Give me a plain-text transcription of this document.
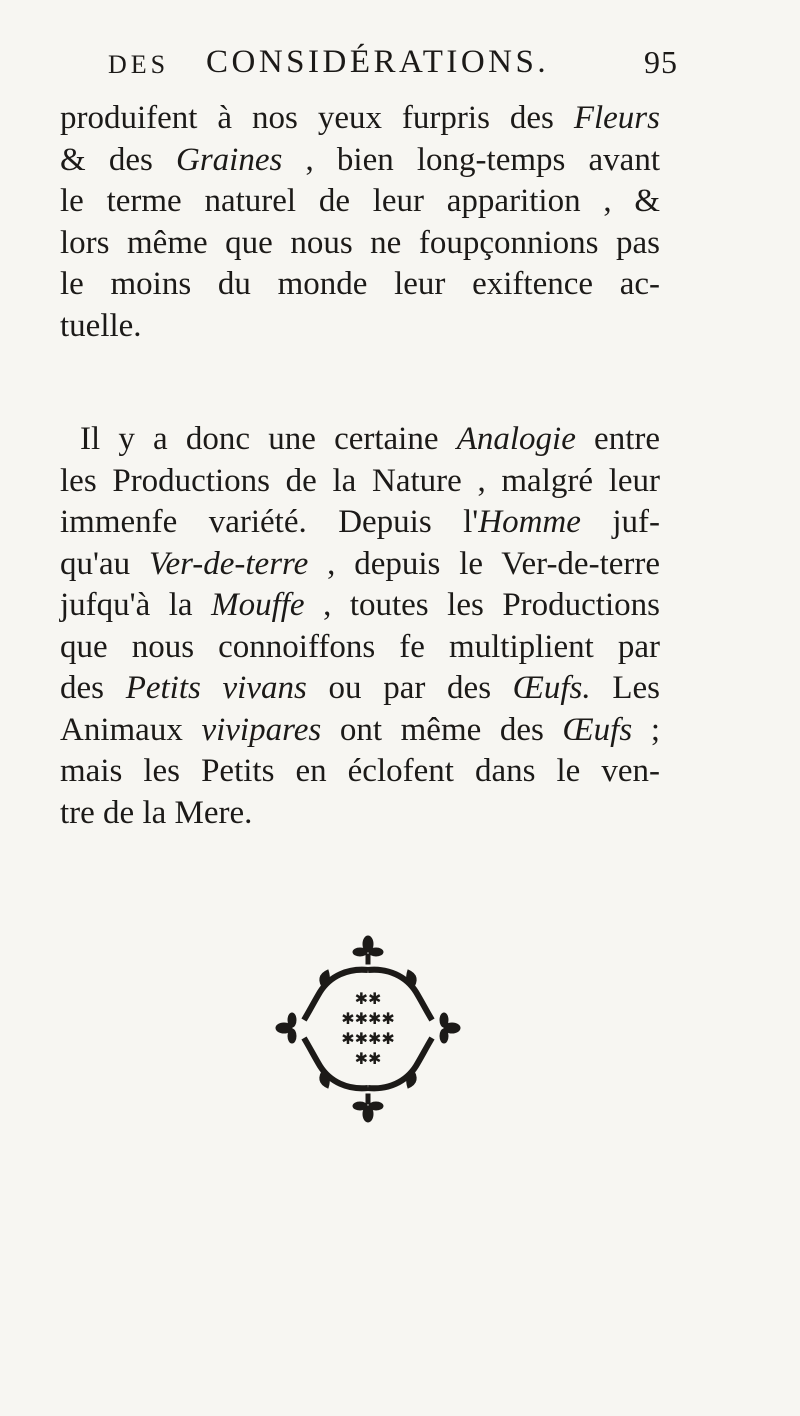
DES CONSIDÉRATIONS.	95
produifent à nos yeux furpris des Fleurs
& des Graines , bien long-temps avant
le terme naturel de leur apparition , &
lors même que nous ne foupçonnions pas
le moins du monde leur exiftence ac-
tuelle.
Il y a donc une certaine Analogie entre
les Productions de la Nature , malgré leur
immenfe variété. Depuis l'Homme juf-
qu'au Ver-de-terre , depuis le Ver-de-terre
jufqu'à la Mouffe , toutes les Productions
que nous connoiffons fe multiplient par
des Petits vivans ou par des Œufs. Les
Animaux vivipares ont même des Œufs ;
mais les Petits en éclofent dans le ven-
tre de la Mere.
✱✱
✱✱✱✱
✱✱✱✱
✱✱
